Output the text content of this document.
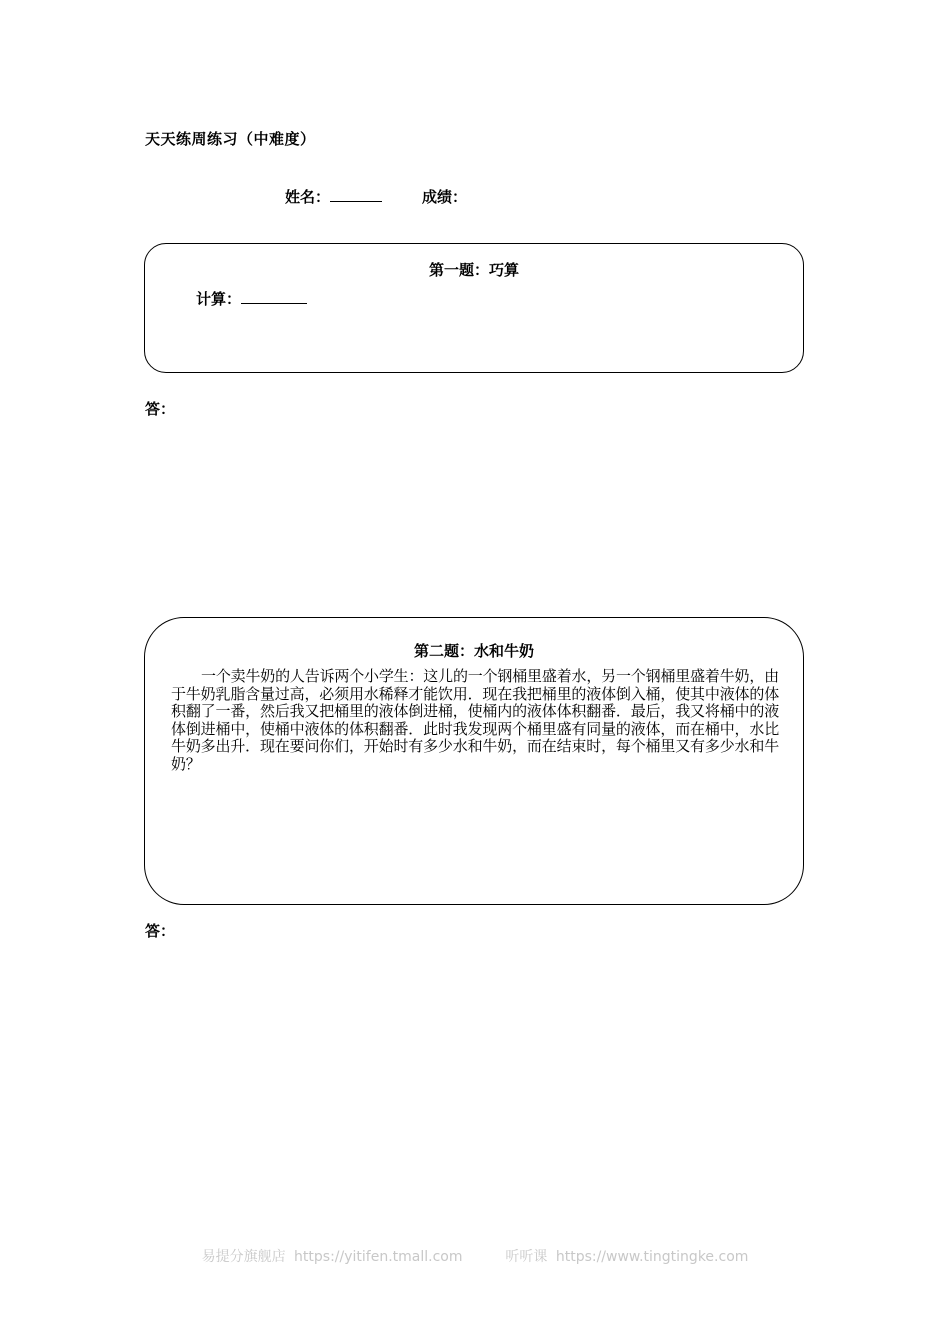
天天练周练习（中难度）
姓名：	成绩：
第一题：巧算
计算：
答：
第二题：水和牛奶
一个卖牛奶的人告诉两个小学生：这儿的一个钢桶里盛着水，另一个钢桶里盛着牛奶，由于牛奶乳脂含量过高，必须用水稀释才能饮用．现在我把桶里的液体倒入桶，使其中液体的体积翻了一番，然后我又把桶里的液体倒进桶，使桶内的液体体积翻番．最后，我又将桶中的液体倒进桶中，使桶中液体的体积翻番．此时我发现两个桶里盛有同量的液体，而在桶中，水比牛奶多出升．现在要问你们，开始时有多少水和牛奶，而在结束时，每个桶里又有多少水和牛奶？
答：
易提分旗舰店 https://yitifen.tmall.com	听听课 https://www.tingtingke.com
